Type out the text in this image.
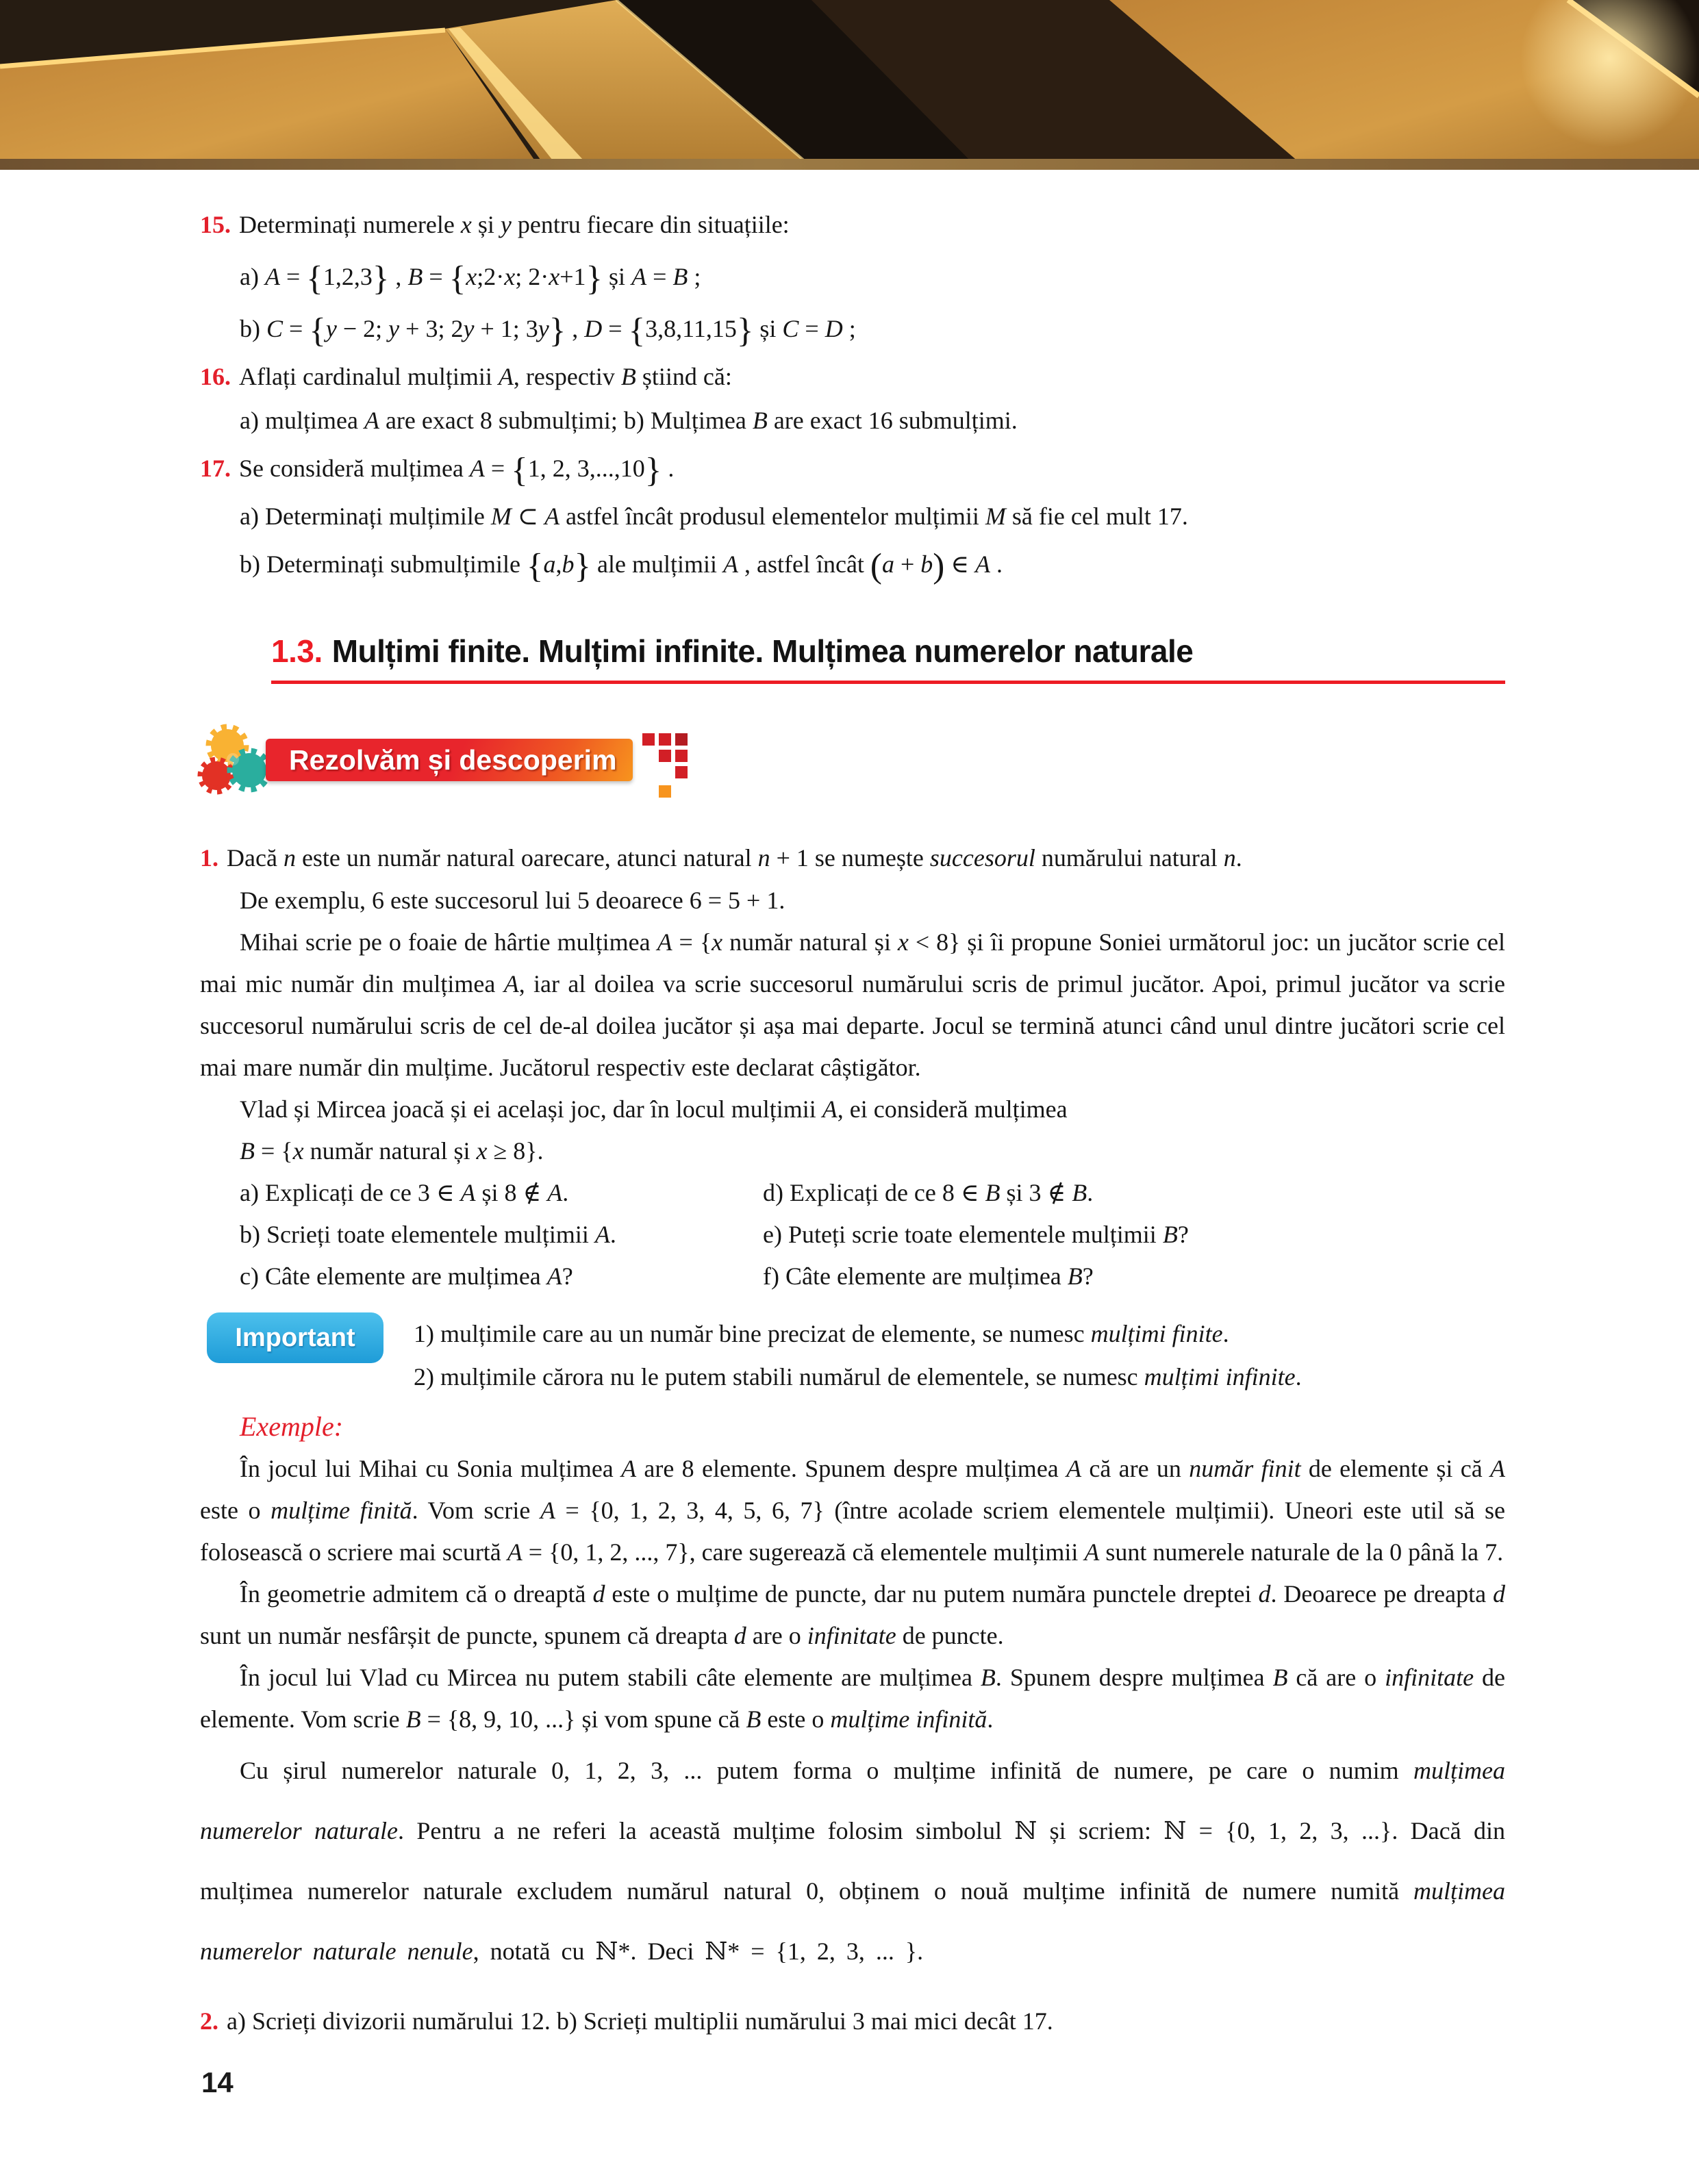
15. Determinați numerele x și y pentru fiecare din situațiile:

a) A = {1,2,3} , B = {x;2·x; 2·x+1} și A = B ;

b) C = {y − 2; y + 3; 2y + 1; 3y} , D = {3,8,11,15} și C = D ;

16. Aflați cardinalul mulțimii A, respectiv B știind că:

a) mulțimea A are exact 8 submulțimi; b) Mulțimea B are exact 16 submulțimi.

17. Se consideră mulțimea A = {1, 2, 3,...,10} .

a) Determinați mulțimile M ⊂ A astfel încât produsul elementelor mulțimii M să fie cel mult 17.

b) Determinați submulțimile {a,b} ale mulțimii A , astfel încât (a + b) ∈ A .

1.3. Mulțimi finite. Mulțimi infinite. Mulțimea numerelor naturale
Rezolvăm și descoperim

1. Dacă n este un număr natural oarecare, atunci natural n + 1 se numește succesorul numărului natural n.

De exemplu, 6 este succesorul lui 5 deoarece 6 = 5 + 1.

Mihai scrie pe o foaie de hârtie mulțimea A = {x număr natural și x < 8} și îi propune Soniei următorul joc: un jucător scrie cel mai mic număr din mulțimea A, iar al doilea va scrie succesorul numărului scris de primul jucător. Apoi, primul jucător va scrie succesorul numărului scris de cel de-al doilea jucător și așa mai departe. Jocul se termină atunci când unul dintre jucători scrie cel mai mare număr din mulțime. Jucătorul respectiv este declarat câștigător.

Vlad și Mircea joacă și ei același joc, dar în locul mulțimii A, ei consideră mulțimea

B = {x număr natural și x ≥ 8}.

a) Explicați de ce 3 ∈ A și 8 ∉ A.	d) Explicați de ce 8 ∈ B și 3 ∉ B.

b) Scrieți toate elementele mulțimii A.	e) Puteți scrie toate elementele mulțimii B?

c) Câte elemente are mulțimea A?	f) Câte elemente are mulțimea B?

Important 1) mulțimile care au un număr bine precizat de elemente, se numesc mulțimi finite.

2) mulțimile cărora nu le putem stabili numărul de elementele, se numesc mulțimi infinite.

Exemple:

În jocul lui Mihai cu Sonia mulțimea A are 8 elemente. Spunem despre mulțimea A că are un număr finit de elemente și că A este o mulțime finită. Vom scrie A = {0, 1, 2, 3, 4, 5, 6, 7} (între acolade scriem elementele mulțimii). Uneori este util să se folosească o scriere mai scurtă A = {0, 1, 2, ..., 7}, care sugerează că elementele mulțimii A sunt numerele naturale de la 0 până la 7.

În geometrie admitem că o dreaptă d este o mulțime de puncte, dar nu putem număra punctele dreptei d. Deoarece pe dreapta d sunt un număr nesfârșit de puncte, spunem că dreapta d are o infinitate de puncte.

În jocul lui Vlad cu Mircea nu putem stabili câte elemente are mulțimea B. Spunem despre mulțimea B că are o infinitate de elemente. Vom scrie B = {8, 9, 10, ...} și vom spune că B este o mulțime infinită.

Cu șirul numerelor naturale 0, 1, 2, 3, ... putem forma o mulțime infinită de numere, pe care o numim mulțimea numerelor naturale. Pentru a ne referi la această mulțime folosim simbolul ℕ și scriem: ℕ = {0, 1, 2, 3, ...}. Dacă din mulțimea numerelor naturale excludem numărul natural 0, obținem o nouă mulțime infinită de numere numită mulțimea numerelor naturale nenule, notată cu ℕ*. Deci ℕ* = {1, 2, 3, ... }.

2. a) Scrieți divizorii numărului 12. b) Scrieți multiplii numărului 3 mai mici decât 17.

14
